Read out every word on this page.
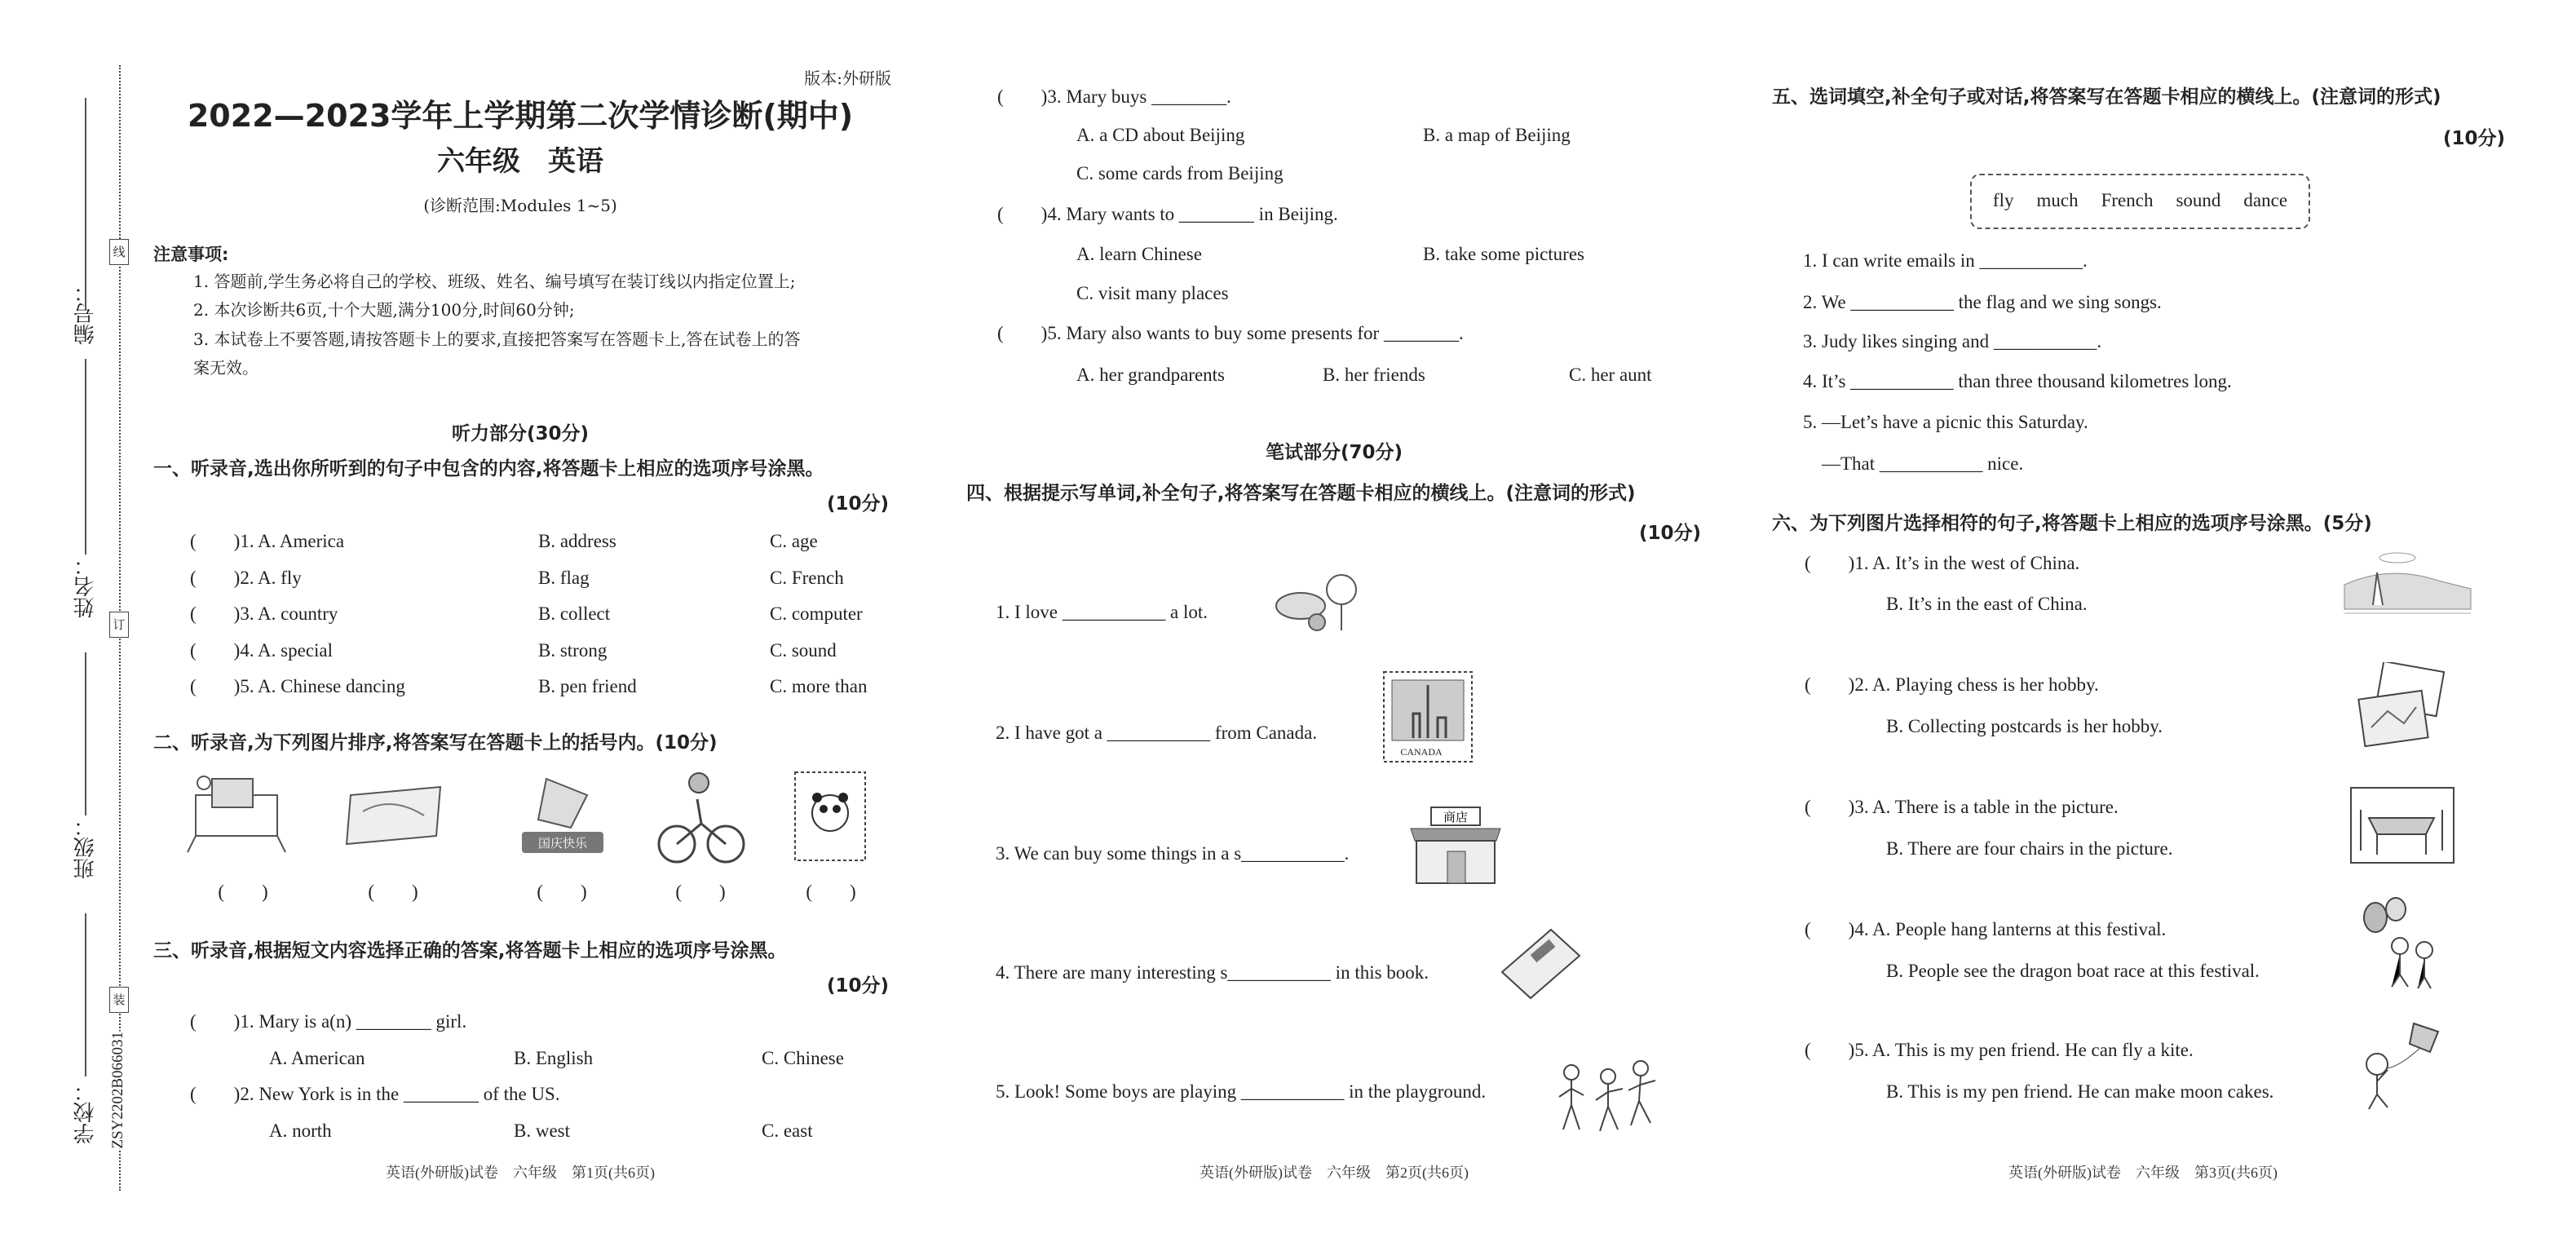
编号：
姓名：
班级：
学校：
线
订
装
ZSY2202B066031
版本:外研版
2022—2023学年上学期第二次学情诊断(期中)
六年级　英语
(诊断范围:Modules 1~5)
注意事项:
1. 答题前,学生务必将自己的学校、班级、姓名、编号填写在装订线以内指定位置上;
2. 本次诊断共6页,十个大题,满分100分,时间60分钟;
3. 本试卷上不要答题,请按答题卡上的要求,直接把答案写在答题卡上,答在试卷上的答
案无效。
听力部分(30分)
一、听录音,选出你所听到的句子中包含的内容,将答题卡上相应的选项序号涂黑。
(10分)
(　　)1. A. America	B. address	C. age
(　　)2. A. fly	B. flag	C. French
(　　)3. A. country	B. collect	C. computer
(　　)4. A. special	B. strong	C. sound
(　　)5. A. Chinese dancing	B. pen friend	C. more than
二、听录音,为下列图片排序,将答案写在答题卡上的括号内。(10分)
国庆快乐
(　　)	(　　)	(　　)	(　　)	(　　)
三、听录音,根据短文内容选择正确的答案,将答题卡上相应的选项序号涂黑。
(10分)
(　　)1. Mary is a(n) ________ girl.
A. American	B. English	C. Chinese
(　　)2. New York is in the ________ of the US.
A. north	B. west	C. east
英语(外研版)试卷　六年级　第1页(共6页)
(　　)3. Mary buys ________.
A. a CD about Beijing	B. a map of Beijing
C. some cards from Beijing
(　　)4. Mary wants to ________ in Beijing.
A. learn Chinese	B. take some pictures
C. visit many places
(　　)5. Mary also wants to buy some presents for ________.
A. her grandparents	B. her friends	C. her aunt
笔试部分(70分)
四、根据提示写单词,补全句子,将答案写在答题卡相应的横线上。(注意词的形式)
(10分)
1. I love ___________ a lot.
2. I have got a ___________ from Canada.
CANADA
3. We can buy some things in a s___________.
商店
4. There are many interesting s___________ in this book.
5. Look! Some boys are playing ___________ in the playground.
英语(外研版)试卷　六年级　第2页(共6页)
五、选词填空,补全句子或对话,将答案写在答题卡相应的横线上。(注意词的形式)
(10分)
fly much French sound dance
1. I can write emails in ___________.
2. We ___________ the flag and we sing songs.
3. Judy likes singing and ___________.
4. It’s ___________ than three thousand kilometres long.
5. —Let’s have a picnic this Saturday.
—That ___________ nice.
六、为下列图片选择相符的句子,将答题卡上相应的选项序号涂黑。(5分)
(　　)1. A. It’s in the west of China.
B. It’s in the east of China.
(　　)2. A. Playing chess is her hobby.
B. Collecting postcards is her hobby.
(　　)3. A. There is a table in the picture.
B. There are four chairs in the picture.
(　　)4. A. People hang lanterns at this festival.
B. People see the dragon boat race at this festival.
(　　)5. A. This is my pen friend. He can fly a kite.
B. This is my pen friend. He can make moon cakes.
英语(外研版)试卷　六年级　第3页(共6页)
